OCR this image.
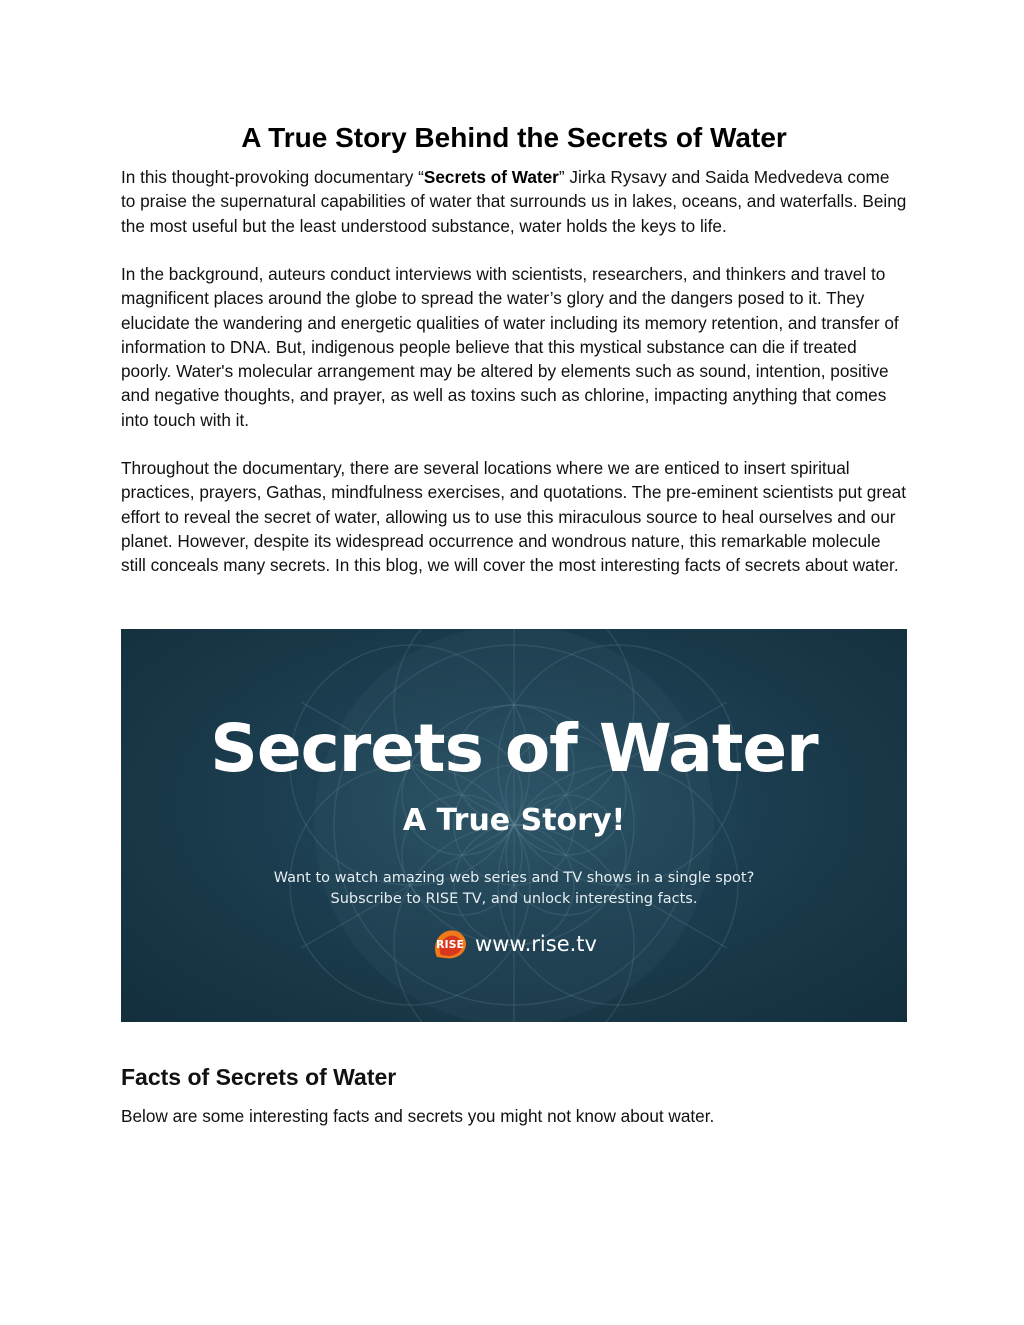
A True Story Behind the Secrets of Water

In this thought-provoking documentary “Secrets of Water” Jirka Rysavy and Saida Medvedeva come to praise the supernatural capabilities of water that surrounds us in lakes, oceans, and waterfalls. Being the most useful but the least understood substance, water holds the keys to life.

In the background, auteurs conduct interviews with scientists, researchers, and thinkers and travel to magnificent places around the globe to spread the water’s glory and the dangers posed to it. They elucidate the wandering and energetic qualities of water including its memory retention, and transfer of information to DNA. But, indigenous people believe that this mystical substance can die if treated poorly. Water's molecular arrangement may be altered by elements such as sound, intention, positive and negative thoughts, and prayer, as well as toxins such as chlorine, impacting anything that comes into touch with it.

Throughout the documentary, there are several locations where we are enticed to insert spiritual practices, prayers, Gathas, mindfulness exercises, and quotations. The pre-eminent scientists put great effort to reveal the secret of water, allowing us to use this miraculous source to heal ourselves and our planet. However, despite its widespread occurrence and wondrous nature, this remarkable molecule still conceals many secrets. In this blog, we will cover the most interesting facts of secrets about water.

Secrets of Water
A True Story!
Want to watch amazing web series and TV shows in a single spot?
Subscribe to RISE TV, and unlock interesting facts.
RISE www.rise.tv
Facts of Secrets of Water

Below are some interesting facts and secrets you might not know about water.
